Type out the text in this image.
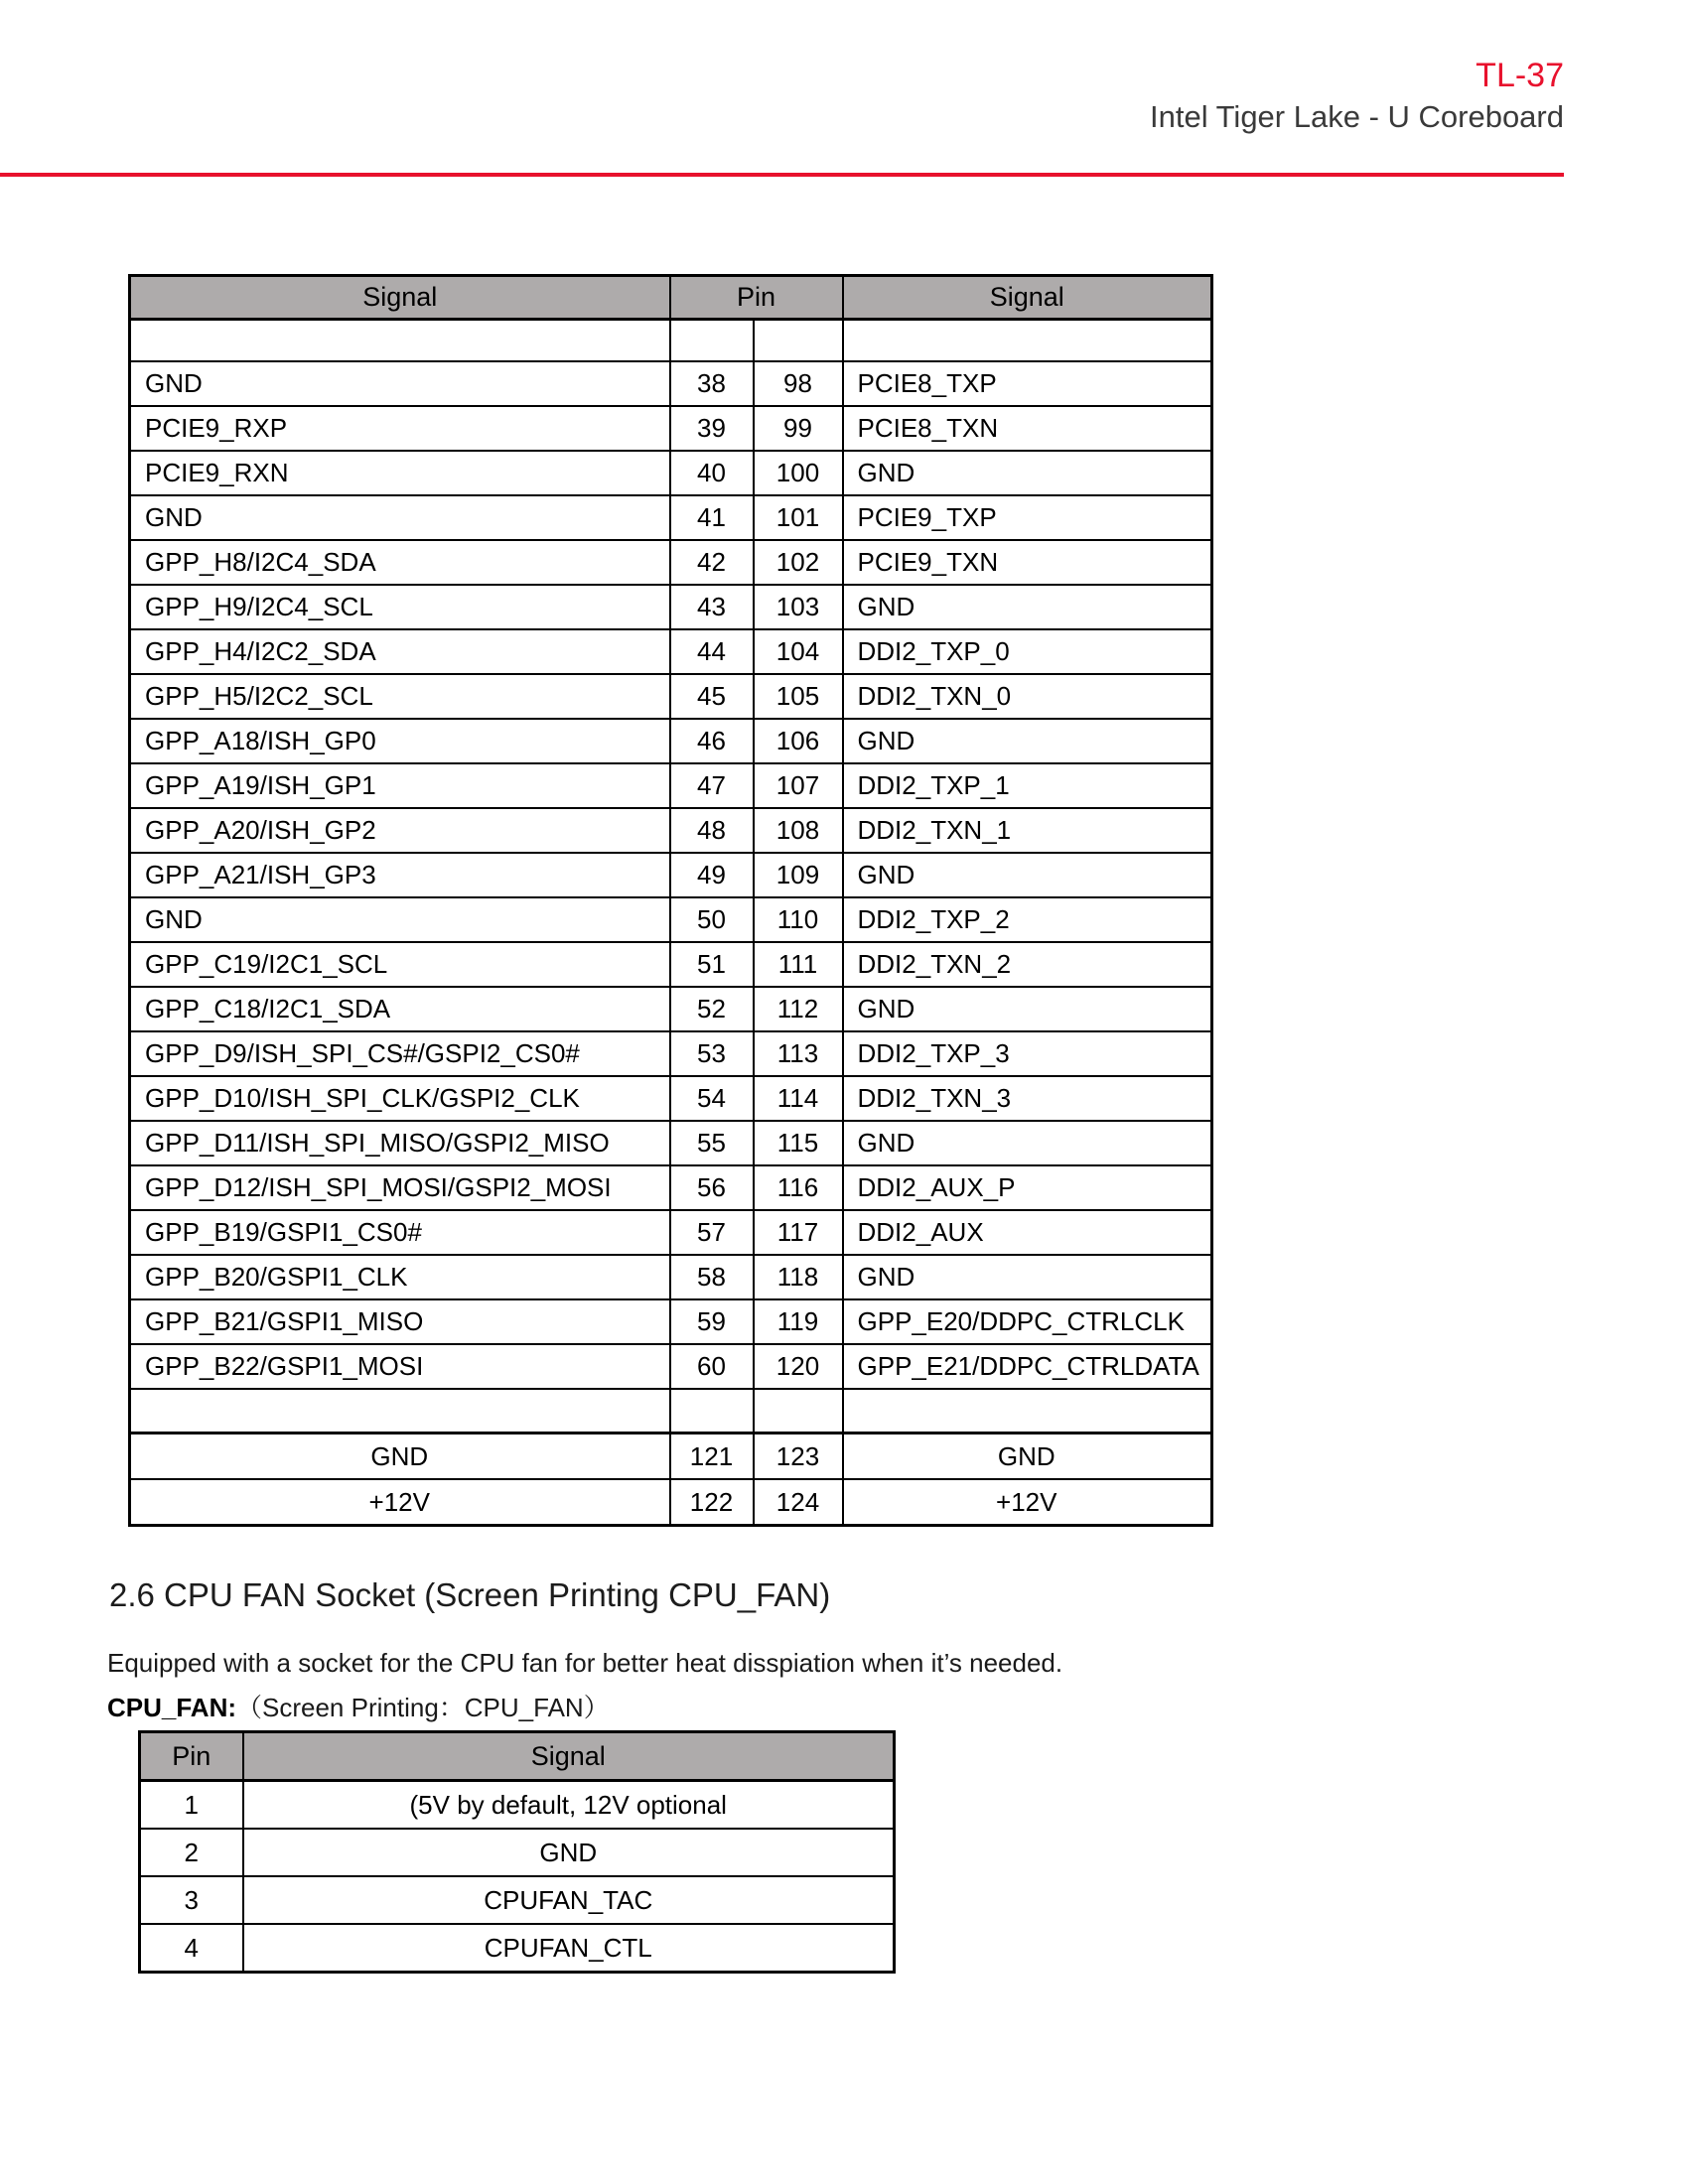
TL-37
Intel Tiger Lake - U Coreboard
Signal	Pin		Signal

GND	38	98	PCIE8_TXP
PCIE9_RXP	39	99	PCIE8_TXN
PCIE9_RXN	40	100	GND
GND	41	101	PCIE9_TXP
GPP_H8/I2C4_SDA	42	102	PCIE9_TXN
GPP_H9/I2C4_SCL	43	103	GND
GPP_H4/I2C2_SDA	44	104	DDI2_TXP_0
GPP_H5/I2C2_SCL	45	105	DDI2_TXN_0
GPP_A18/ISH_GP0	46	106	GND
GPP_A19/ISH_GP1	47	107	DDI2_TXP_1
GPP_A20/ISH_GP2	48	108	DDI2_TXN_1
GPP_A21/ISH_GP3	49	109	GND
GND	50	110	DDI2_TXP_2
GPP_C19/I2C1_SCL	51	111	DDI2_TXN_2
GPP_C18/I2C1_SDA	52	112	GND
GPP_D9/ISH_SPI_CS#/GSPI2_CS0#	53	113	DDI2_TXP_3
GPP_D10/ISH_SPI_CLK/GSPI2_CLK	54	114	DDI2_TXN_3
GPP_D11/ISH_SPI_MISO/GSPI2_MISO	55	115	GND
GPP_D12/ISH_SPI_MOSI/GSPI2_MOSI	56	116	DDI2_AUX_P
GPP_B19/GSPI1_CS0#	57	117	DDI2_AUX
GPP_B20/GSPI1_CLK	58	118	GND
GPP_B21/GSPI1_MISO	59	119	GPP_E20/DDPC_CTRLCLK
GPP_B22/GSPI1_MOSI	60	120	GPP_E21/DDPC_CTRLDATA

GND	121	123	GND
+12V	122	124	+12V
2.6 CPU FAN Socket (Screen Printing CPU_FAN)

Equipped with a socket for the CPU fan for better heat disspiation when it’s needed.

CPU_FAN:（Screen Printing：CPU_FAN）

Pin	Signal
1	(5V by default, 12V optional
2	GND
3	CPUFAN_TAC
4	CPUFAN_CTL
